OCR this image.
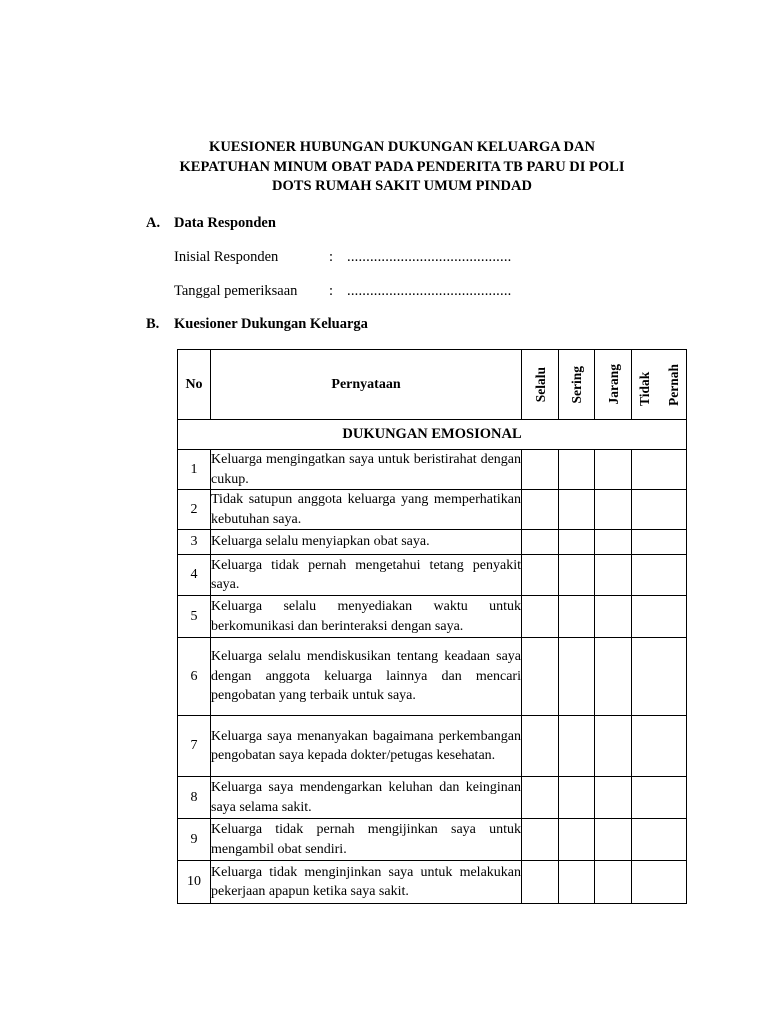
KUESIONER HUBUNGAN DUKUNGAN KELUARGA DAN
KEPATUHAN MINUM OBAT PADA PENDERITA TB PARU DI POLI
DOTS RUMAH SAKIT UMUM PINDAD
A. Data Responden
Inisial Responden	: ...........................................
Tanggal pemeriksaan : ...........................................
B. Kuesioner Dukungan Keluarga
No	Pernyataan	Selalu	Sering	Jarang	Tidak Pernah

DUKUNGAN EMOSIONAL					
1	Keluarga mengingatkan saya untuk beristirahat dengan cukup.				
2	Tidak satupun anggota keluarga yang memperhatikan kebutuhan saya.				
3	Keluarga selalu menyiapkan obat saya.				
4	Keluarga tidak pernah mengetahui tetang penyakit saya.				
5	Keluarga selalu menyediakan waktu untuk berkomunikasi dan berinteraksi dengan saya.				
6	Keluarga selalu mendiskusikan tentang keadaan saya dengan anggota keluarga lainnya dan mencari pengobatan yang terbaik untuk saya.				
7	Keluarga saya menanyakan bagaimana perkembangan pengobatan saya kepada dokter/petugas kesehatan.				
8	Keluarga saya mendengarkan keluhan dan keinginan saya selama sakit.				
9	Keluarga tidak pernah mengijinkan saya untuk mengambil obat sendiri.				
10	Keluarga tidak menginjinkan saya untuk melakukan pekerjaan apapun ketika saya sakit.				
